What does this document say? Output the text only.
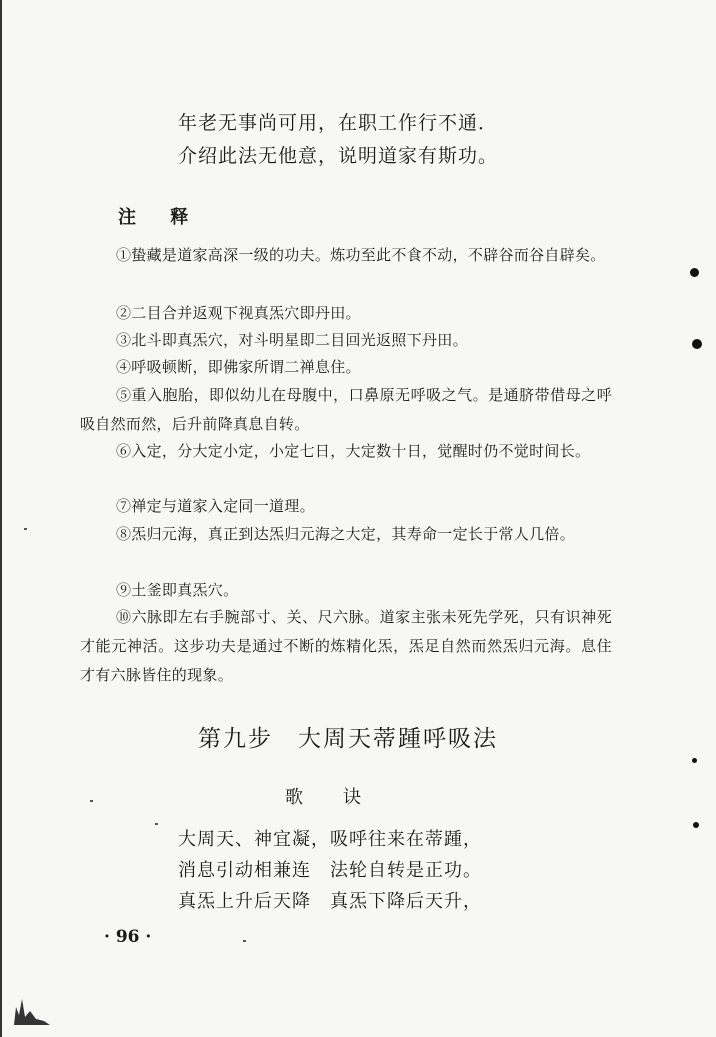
年老无事尚可用，在职工作行不通．
介绍此法无他意，说明道家有斯功。
注 释
①蛰藏是道家高深一级的功夫。炼功至此不食不动，不辟谷而谷自辟矣。
②二目合并返观下视真炁穴即丹田。
③北斗即真炁穴，对斗明星即二目回光返照下丹田。
④呼吸顿断，即佛家所谓二禅息住。
⑤重入胞胎，即似幼儿在母腹中，口鼻原无呼吸之气。是通脐带借母之呼吸自然而然，后升前降真息自转。
⑥入定，分大定小定，小定七日，大定数十日，觉醒时仍不觉时间长。
⑦禅定与道家入定同一道理。
⑧炁归元海，真正到达炁归元海之大定，其寿命一定长于常人几倍。
⑨土釜即真炁穴。
⑩六脉即左右手腕部寸、关、尺六脉。道家主张未死先学死，只有识神死才能元神活。这步功夫是通过不断的炼精化炁，炁足自然而然炁归元海。息住才有六脉皆住的现象。
第九步　大周天蒂踵呼吸法
歌诀
大周天、神宜凝，吸呼往来在蒂踵，
消息引动相兼连　法轮自转是正功。
真炁上升后天降　真炁下降后天升，
· 96 ·
